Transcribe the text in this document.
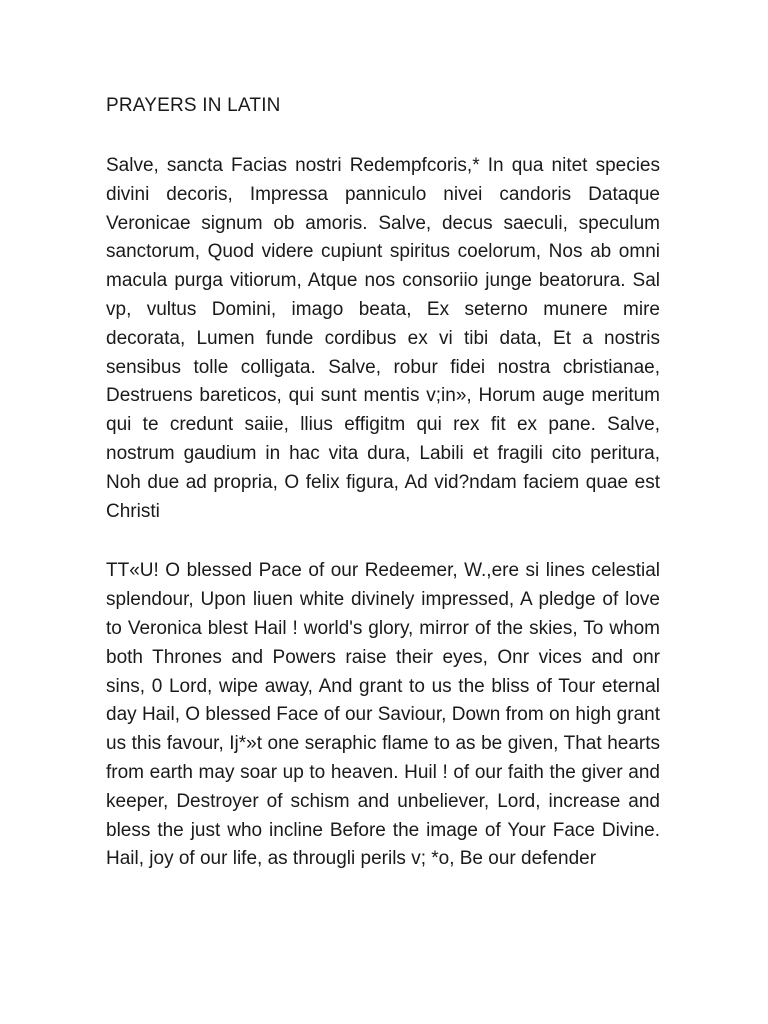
PRAYERS IN LATIN

Salve, sancta Facias nostri Redempfcoris,* In qua nitet species divini decoris, Impressa panniculo nivei candoris Dataque Veronicae signum ob amoris. Salve, decus saeculi, speculum sanctorum, Quod videre cupiunt spiritus coelorum, Nos ab omni macula purga vitiorum, Atque nos consoriio junge beatorura. Sal vp, vultus Domini, imago beata, Ex seterno munere mire decorata, Lumen funde cordibus ex vi tibi data, Et a nostris sensibus tolle colligata. Salve, robur fidei nostra cbristianae, Destruens bareticos, qui sunt mentis v;in», Horum auge meritum qui te credunt saiie, llius effigitm qui rex fit ex pane. Salve, nostrum gaudium in hac vita dura, Labili et fragili cito peritura, Noh due ad propria, O felix figura, Ad vid?ndam faciem quae est Christi

TT«U! O blessed Pace of our Redeemer, W.,ere si lines celestial splendour, Upon liuen white divinely impressed, A pledge of love to Veronica blest Hail ! world's glory, mirror of the skies, To whom both Thrones and Powers raise their eyes, Onr vices and onr sins, 0 Lord, wipe away, And grant to us the bliss of Tour eternal day Hail, O blessed Face of our Saviour, Down from on high grant us this favour, Ij*»t one seraphic flame to as be given, That hearts from earth may soar up to heaven. Huil ! of our faith the giver and keeper, Destroyer of schism and unbeliever, Lord, increase and bless the just who incline Before the image of Your Face Divine. Hail, joy of our life, as througli perils v; *o, Be our defender
